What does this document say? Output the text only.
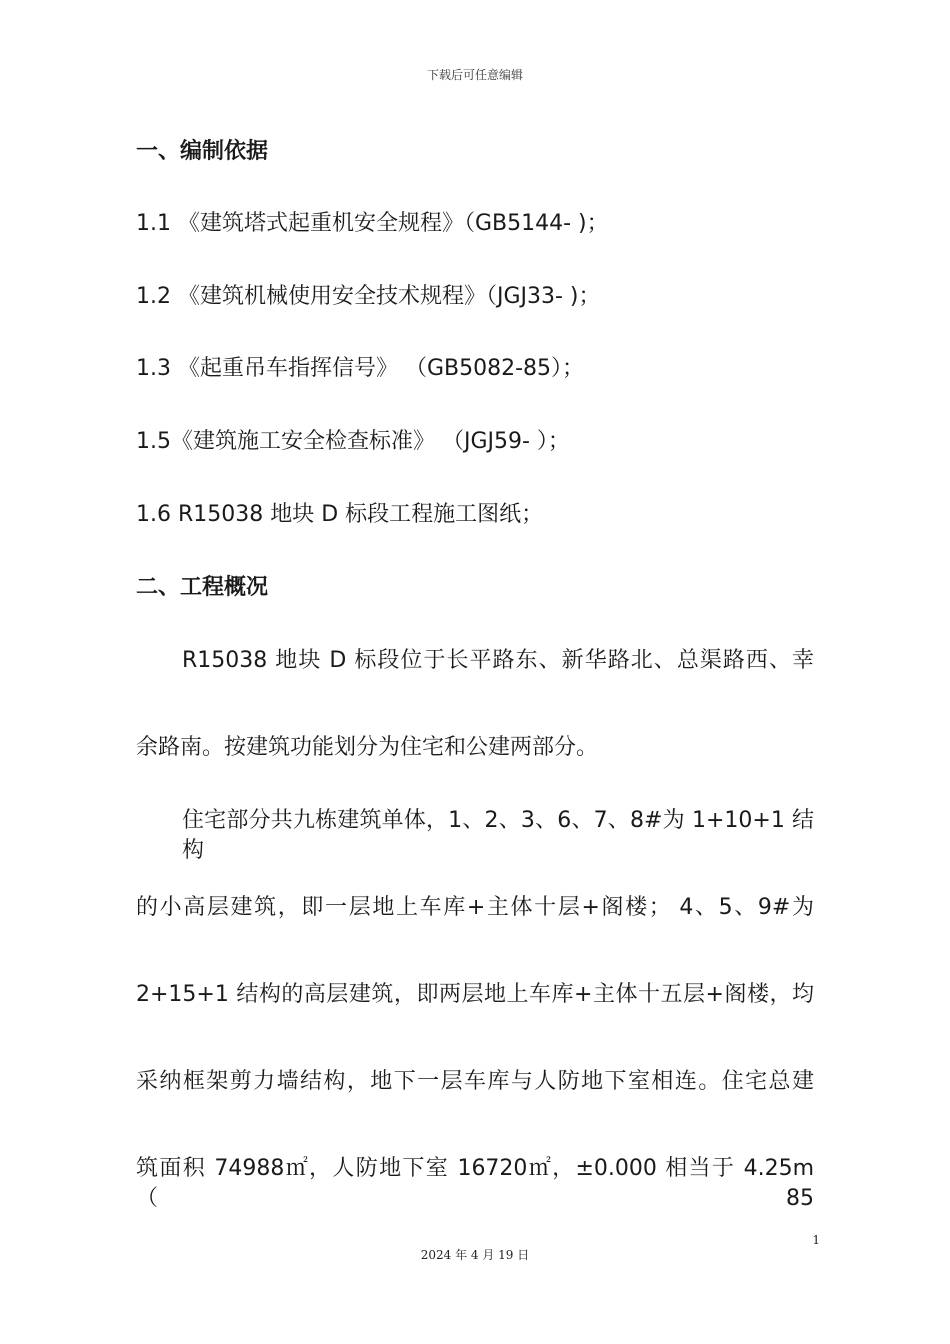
下载后可任意编辑
一、编制依据
1.1 《建筑塔式起重机安全规程》（GB5144- )；
1.2 《建筑机械使用安全技术规程》（JGJ33- )；
1.3 《起重吊车指挥信号》 （GB5082-85）；
1.5《建筑施工安全检查标准》 （JGJ59- ）；
1.6 R15038 地块 D 标段工程施工图纸；
二、工程概况
R15038 地块 D 标段位于长平路东、新华路北、总渠路西、幸
余路南。按建筑功能划分为住宅和公建两部分。
住宅部分共九栋建筑单体，1、2、3、6、7、8#为 1+10+1 结构
的小高层建筑，即一层地上车库+主体十层+阁楼； 4、5、9#为
2+15+1 结构的高层建筑，即两层地上车库+主体十五层+阁楼，均
采纳框架剪力墙结构，地下一层车库与人防地下室相连。住宅总建
筑面积 74988㎡，人防地下室 16720㎡，±0.000 相当于 4.25m（85
1
2024 年 4 月 19 日
